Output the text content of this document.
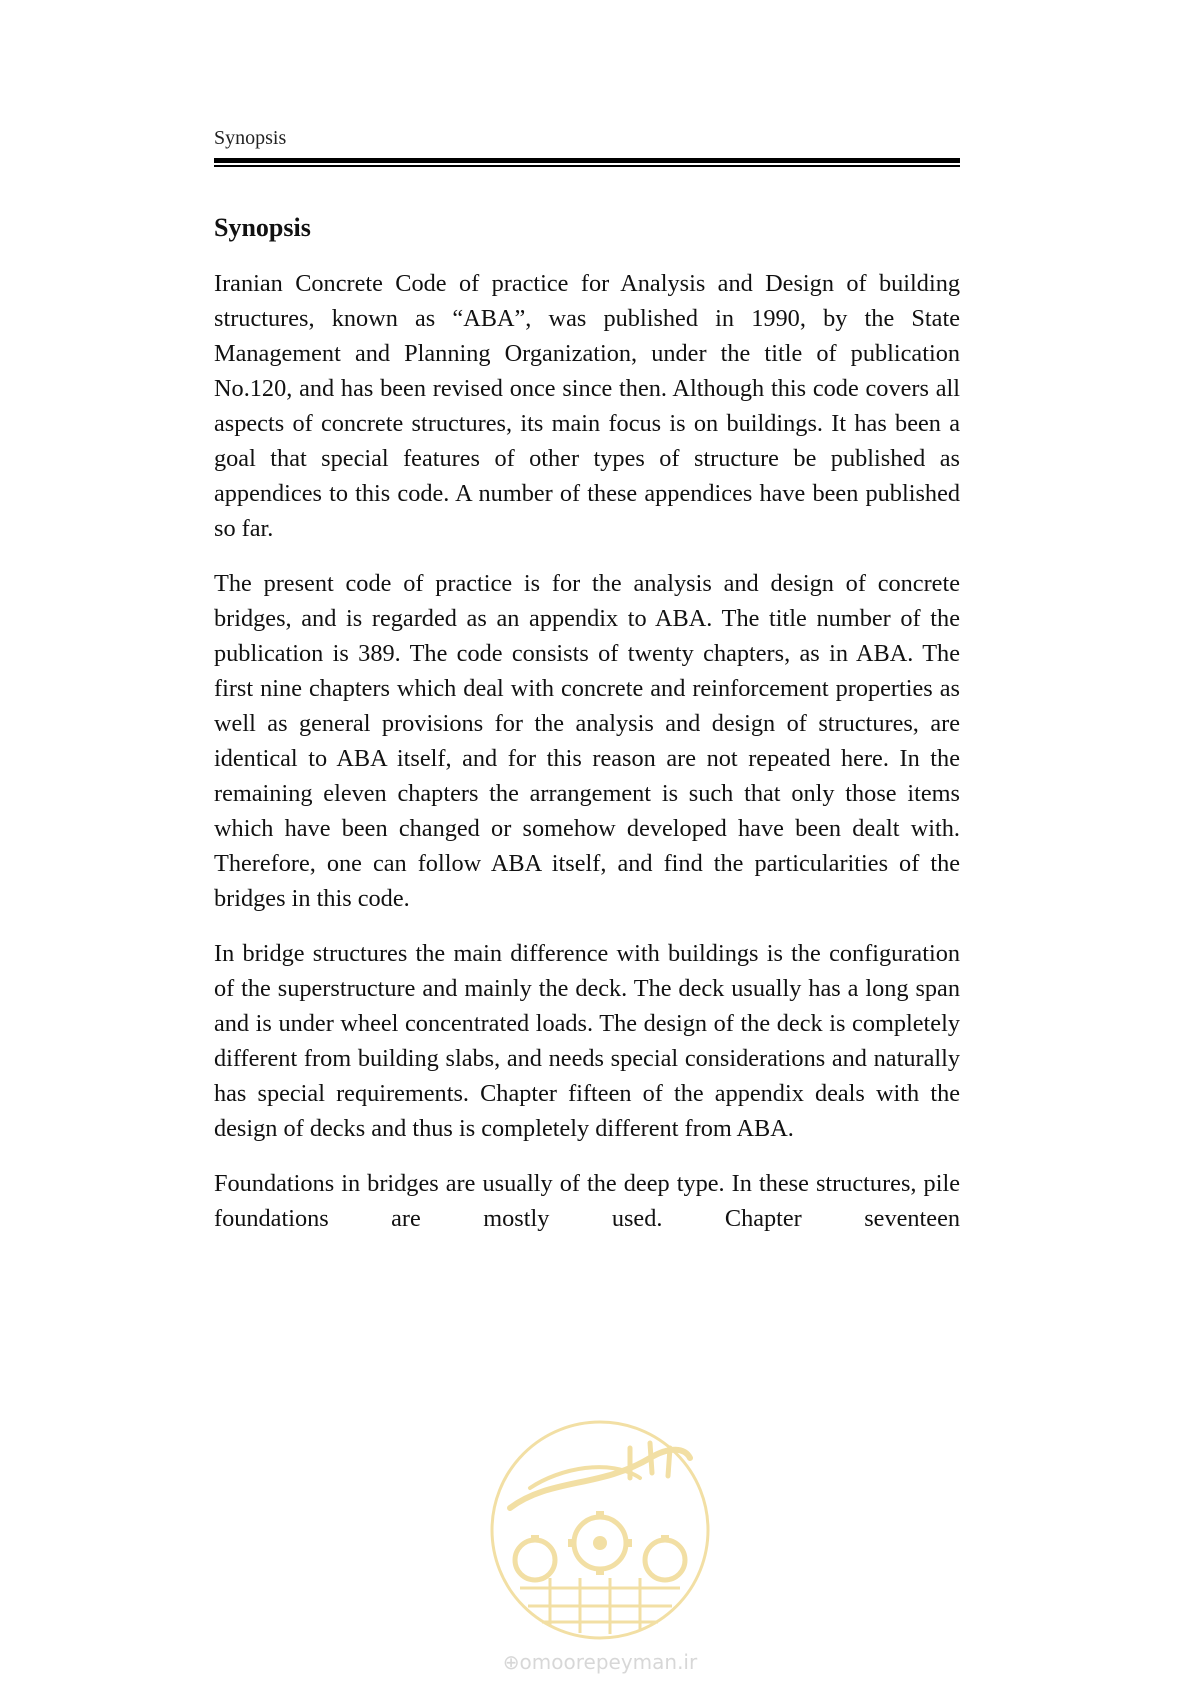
Synopsis
Synopsis

Iranian Concrete Code of practice for Analysis and Design of building structures, known as “ABA”, was published in 1990, by the State Management and Planning Organization, under the title of publication No.120, and has been revised once since then. Although this code covers all aspects of concrete structures, its main focus is on buildings. It has been a goal that special features of other types of structure be published as appendices to this code. A number of these appendices have been published so far.

The present code of practice is for the analysis and design of concrete bridges, and is regarded as an appendix to ABA. The title number of the publication is 389. The code consists of twenty chapters, as in ABA. The first nine chapters which deal with concrete and reinforcement properties as well as general provisions for the analysis and design of structures, are identical to ABA itself, and for this reason are not repeated here. In the remaining eleven chapters the arrangement is such that only those items which have been changed or somehow developed have been dealt with. Therefore, one can follow ABA itself, and find the particularities of the bridges in this code.

In bridge structures the main difference with buildings is the configuration of the superstructure and mainly the deck. The deck usually has a long span and is under wheel concentrated loads. The design of the deck is completely different from building slabs, and needs special considerations and naturally has special requirements. Chapter fifteen of the appendix deals with the design of decks and thus is completely different from ABA.

Foundations in bridges are usually of the deep type. In these structures, pile foundations are mostly used. Chapter seventeen

⊕omoorepeyman.ir
